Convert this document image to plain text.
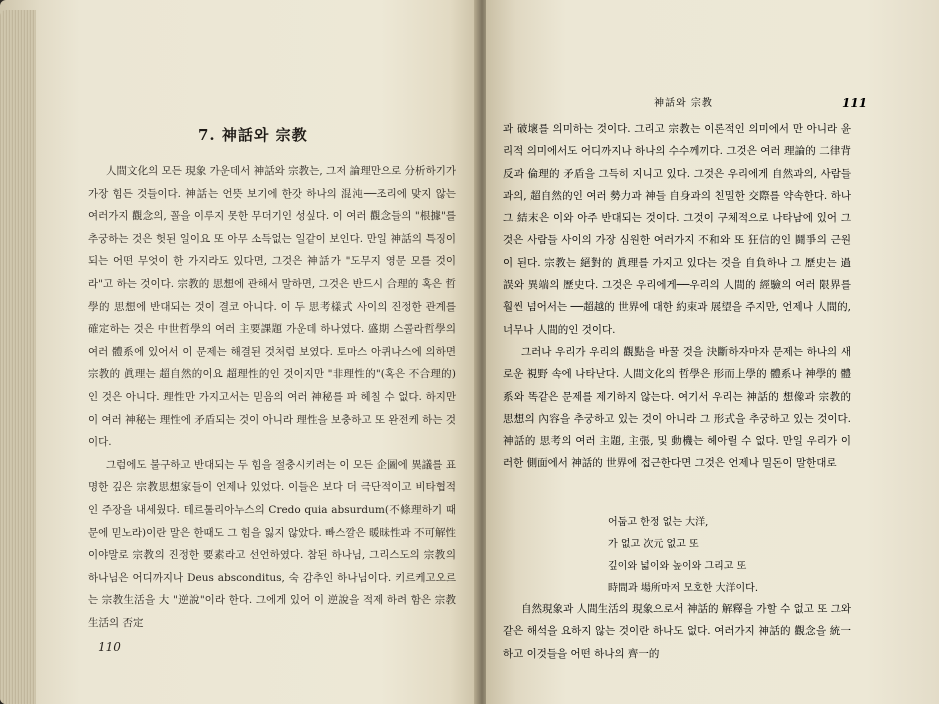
7. 神話와 宗教

人間文化의 모든 現象 가운데서 神話와 宗教는, 그저 論理만으로 分析하기가 가장 힘든 것들이다. 神話는 언뜻 보기에 한갓 하나의 混沌──조리에 맞지 않는 여러가지 觀念의, 꼴을 이루지 못한 무더기인 성싶다. 이 여러 觀念들의 "根據"를 추궁하는 것은 헛된 일이요 또 아무 소득없는 일같이 보인다. 만일 神話의 특징이 되는 어떤 무엇이 한 가지라도 있다면, 그것은 神話가 "도무지 영문 모를 것이라"고 하는 것이다. 宗教的 思想에 관해서 말하면, 그것은 반드시 合理的 혹은 哲學的 思想에 반대되는 것이 결코 아니다. 이 두 思考樣式 사이의 진정한 관계를 確定하는 것은 中世哲學의 여러 主要課題 가운데 하나였다. 盛期 스콜라哲學의 여러 體系에 있어서 이 문제는 해결된 것처럼 보였다. 토마스 아퀴나스에 의하면 宗教的 眞理는 超自然的이요 超理性的인 것이지만 "非理性的"(혹은 不合理的)인 것은 아니다. 理性만 가지고서는 믿음의 여러 神秘를 파 헤칠 수 없다. 하지만 이 여러 神秘는 理性에 矛盾되는 것이 아니라 理性을 보충하고 또 완전케 하는 것이다.

그럼에도 불구하고 반대되는 두 힘을 절충시키려는 이 모든 企圖에 異議를 표명한 깊은 宗教思想家들이 언제나 있었다. 이들은 보다 더 극단적이고 비타협적인 주장을 내세웠다. 테르툴리아누스의 Credo quia absurdum(不條理하기 때문에 믿노라)이란 말은 한때도 그 힘을 잃지 않았다. 빠스깔은 暖昧性과 不可解性이야말로 宗教의 진정한 要素라고 선언하였다. 참된 하나님, 그리스도의 宗教의 하나님은 어디까지나 Deus absconditus, 숙 감추인 하나님이다. 키르케고오르는 宗教生活을 大 "逆說"이라 한다. 그에게 있어 이 逆說을 적제 하려 함은 宗教生活의 否定

110
神話와 宗教	111

과 破壞를 의미하는 것이다. 그리고 宗教는 이론적인 의미에서 만 아니라 윤리적 의미에서도 어디까지나 하나의 수수께끼다. 그것은 여러 理論的 二律背反과 倫理的 矛盾을 그득히 지니고 있다. 그것은 우리에게 自然과의, 사람들과의, 超自然的인 여러 勢力과 神들 自身과의 친밀한 交際를 약속한다. 하나 그 結末은 이와 아주 반대되는 것이다. 그것이 구체적으로 나타남에 있어 그것은 사람들 사이의 가장 심원한 여러가지 不和와 또 狂信的인 鬪爭의 근원이 된다. 宗教는 絕對的 眞理를 가지고 있다는 것을 自負하나 그 歷史는 過誤와 異端의 歷史다. 그것은 우리에게──우리의 人間的 經驗의 여러 限界를 훨씬 넘어서는 ──超越的 世界에 대한 約束과 展望을 주지만, 언제나 人間的, 너무나 人間的인 것이다.

그러나 우리가 우리의 觀點을 바꿀 것을 決斷하자마자 문제는 하나의 새로운 視野 속에 나타난다. 人間文化의 哲學은 形而上學的 體系나 神學的 體系와 똑같은 문제를 제기하지 않는다. 여기서 우리는 神話的 想像과 宗教的 思想의 內容을 추궁하고 있는 것이 아니라 그 形式을 추궁하고 있는 것이다. 神話的 思考의 여러 主題, 主張, 및 動機는 헤아릴 수 없다. 만일 우리가 이러한 側面에서 神話的 世界에 접근한다면 그것은 언제나 밀돈이 말한대로

어둡고 한정 없는 大洋,
가 없고 次元 없고 또
깊이와 넓이와 높이와 그리고 또
時間과 場所마저 모호한 大洋이다.

自然現象과 人間生活의 現象으로서 神話的 解釋을 가할 수 없고 또 그와 같은 해석을 요하지 않는 것이란 하나도 없다. 여러가지 神話的 觀念을 統一하고 이것들을 어떤 하나의 齊一的
